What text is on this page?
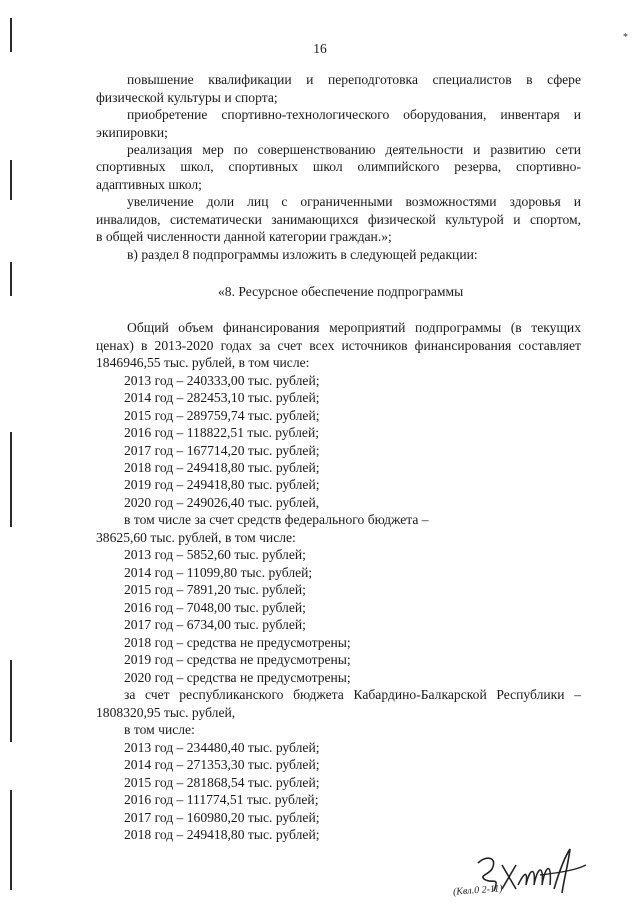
*
16
повышение квалификации и переподготовка специалистов в сфере
физической культуры и спорта;
приобретение спортивно-технологического оборудования, инвентаря и
экипировки;
реализация мер по совершенствованию деятельности и развитию сети
спортивных школ, спортивных школ олимпийского резерва, спортивно-
адаптивных школ;
увеличение доли лиц с ограниченными возможностями здоровья и
инвалидов, систематически занимающихся физической культурой и спортом,
в общей численности данной категории граждан.»;
в) раздел 8 подпрограммы изложить в следующей редакции:
«8. Ресурсное обеспечение подпрограммы
Общий объем финансирования мероприятий подпрограммы (в текущих
ценах) в 2013-2020 годах за счет всех источников финансирования составляет
1846946,55 тыс. рублей, в том числе:
2013 год – 240333,00 тыс. рублей;
2014 год – 282453,10 тыс. рублей;
2015 год – 289759,74 тыс. рублей;
2016 год – 118822,51 тыс. рублей;
2017 год – 167714,20 тыс. рублей;
2018 год – 249418,80 тыс. рублей;
2019 год – 249418,80 тыс. рублей;
2020 год – 249026,40 тыс. рублей,
в том числе за счет средств федерального бюджета –
38625,60 тыс. рублей, в том числе:
2013 год – 5852,60 тыс. рублей;
2014 год – 11099,80 тыс. рублей;
2015 год – 7891,20 тыс. рублей;
2016 год – 7048,00 тыс. рублей;
2017 год – 6734,00 тыс. рублей;
2018 год – средства не предусмотрены;
2019 год – средства не предусмотрены;
2020 год – средства не предусмотрены;
за счет республиканского бюджета Кабардино-Балкарской Республики –
1808320,95 тыс. рублей,
в том числе:
2013 год – 234480,40 тыс. рублей;
2014 год – 271353,30 тыс. рублей;
2015 год – 281868,54 тыс. рублей;
2016 год – 111774,51 тыс. рублей;
2017 год – 160980,20 тыс. рублей;
2018 год – 249418,80 тыс. рублей;
(Квл.0 2-11)
